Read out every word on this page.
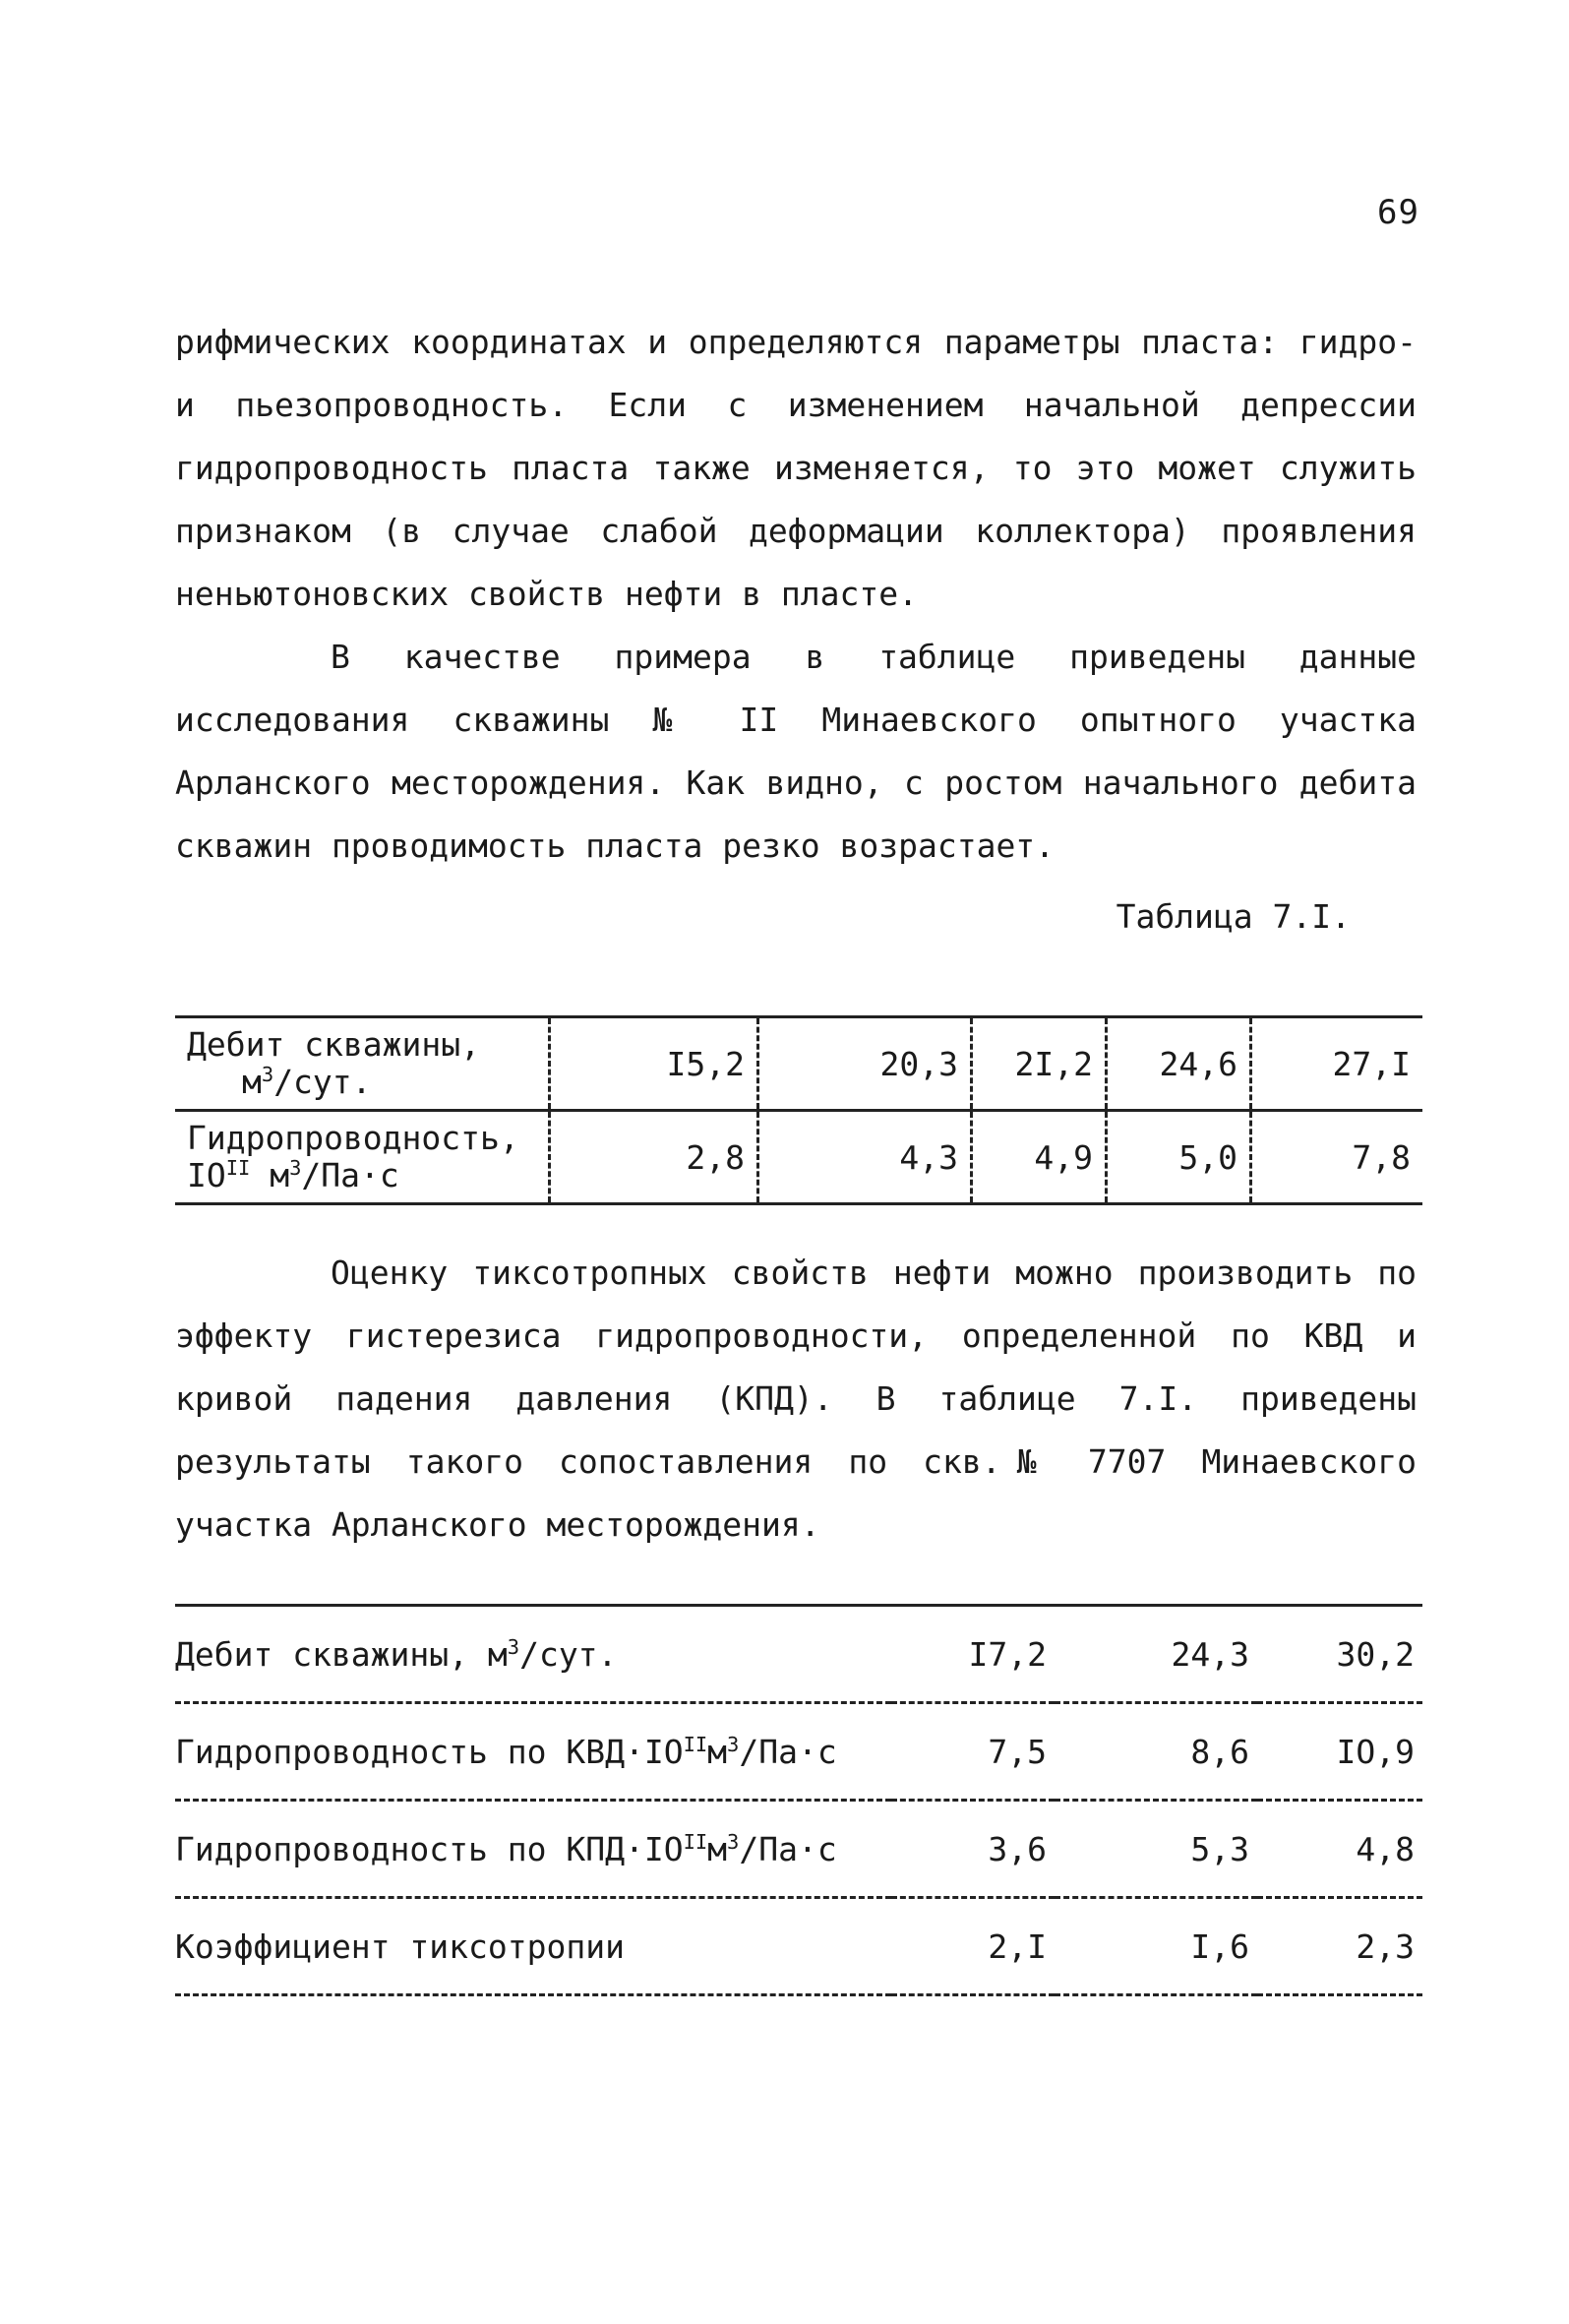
69

рифмических координатах и определяются параметры пласта: гидро- и пьезопроводность. Если с изменением начальной депрессии гидропроводность пласта также изменяется, то это может служить признаком (в случае слабой деформации коллектора) проявления неньютоновских свойств нефти в пласте.

В качестве примера в таблице приведены данные исследования скважины № II Минаевского опытного участка Арланского месторождения. Как видно, с ростом начального дебита скважин проводимость пласта резко возрастает.

Таблица 7.I.
Дебит скважины,
$м^3$/сут.	I5,2	20,3	2I,2	24,6	27,I
Гидропроводность,
$IO^{II}$ $м^3/Па\cdot с$	2,8	4,3	4,9	5,0	7,8

Оценку тиксотропных свойств нефти можно производить по эффекту гистерезиса гидропроводности, определенной по КВД и кривой падения давления (КПД). В таблице 7.I. приведены результаты такого сопоставления по скв.№ 7707 Минаевского участка Арланского месторождения.

Дебит скважины, $м^3$/сут.	I7,2	24,3	30,2
Гидропроводность по $КВД\cdot IO^{II}м^3/Па\cdot с$	7,5	8,6	IO,9
Гидропроводность по $КПД\cdot IO^{II}м^3/Па\cdot с$	3,6	5,3	4,8
Коэффициент тиксотропии	2,I	I,6	2,3
